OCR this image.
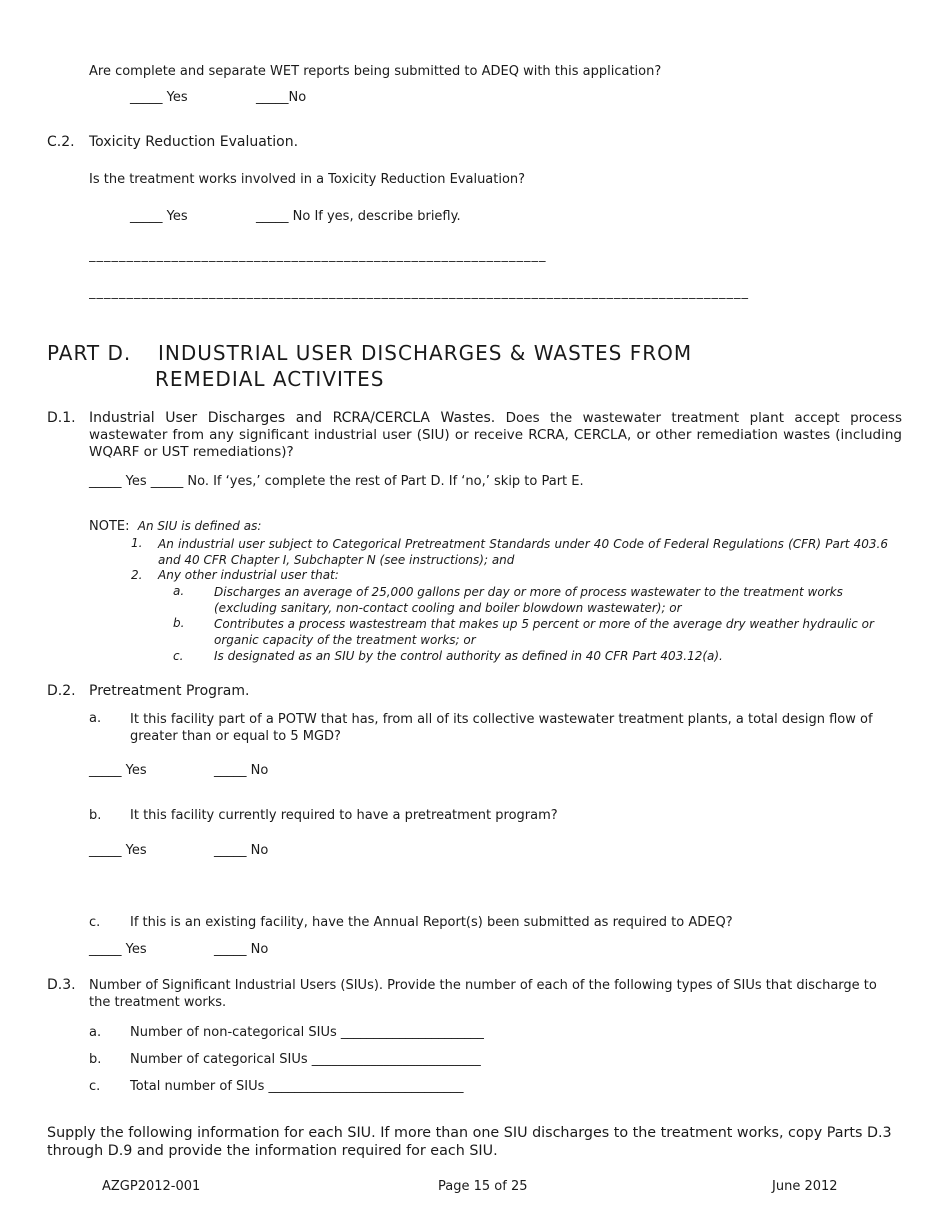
Are complete and separate WET reports being submitted to ADEQ with this application?
_____ Yes	_____No
C.2. Toxicity Reduction Evaluation.
Is the treatment works involved in a Toxicity Reduction Evaluation?
_____ Yes	_____ No If yes, describe briefly.
_____________________________________________________________
________________________________________________________________________________________
PART D. INDUSTRIAL USER DISCHARGES & WASTES FROM
REMEDIAL ACTIVITES
D.1. Industrial User Discharges and RCRA/CERCLA Wastes. Does the wastewater treatment plant accept process wastewater from any significant industrial user (SIU) or receive RCRA, CERCLA, or other remediation wastes (including WQARF or UST remediations)?
_____ Yes _____ No. If ‘yes,’ complete the rest of Part D. If ‘no,’ skip to Part E.
NOTE: An SIU is defined as:
1. An industrial user subject to Categorical Pretreatment Standards under 40 Code of Federal Regulations (CFR) Part 403.6 and 40 CFR Chapter I, Subchapter N (see instructions); and
2. Any other industrial user that:
a. Discharges an average of 25,000 gallons per day or more of process wastewater to the treatment works (excluding sanitary, non-contact cooling and boiler blowdown wastewater); or
b. Contributes a process wastestream that makes up 5 percent or more of the average dry weather hydraulic or organic capacity of the treatment works; or
c.	Is designated as an SIU by the control authority as defined in 40 CFR Part 403.12(a).
D.2. Pretreatment Program.
a. It this facility part of a POTW that has, from all of its collective wastewater treatment plants, a total design flow of greater than or equal to 5 MGD?
_____ Yes	_____ No
b. It this facility currently required to have a pretreatment program?
_____ Yes	_____ No
c. If this is an existing facility, have the Annual Report(s) been submitted as required to ADEQ?
_____ Yes	_____ No
D.3. Number of Significant Industrial Users (SIUs). Provide the number of each of the following types of SIUs that discharge to the treatment works.
a. Number of non-categorical SIUs ______________________
b. Number of categorical SIUs __________________________
c. Total number of SIUs ______________________________
Supply the following information for each SIU. If more than one SIU discharges to the treatment works, copy Parts D.3 through D.9 and provide the information required for each SIU.
AZGP2012-001	Page 15 of 25	June 2012
